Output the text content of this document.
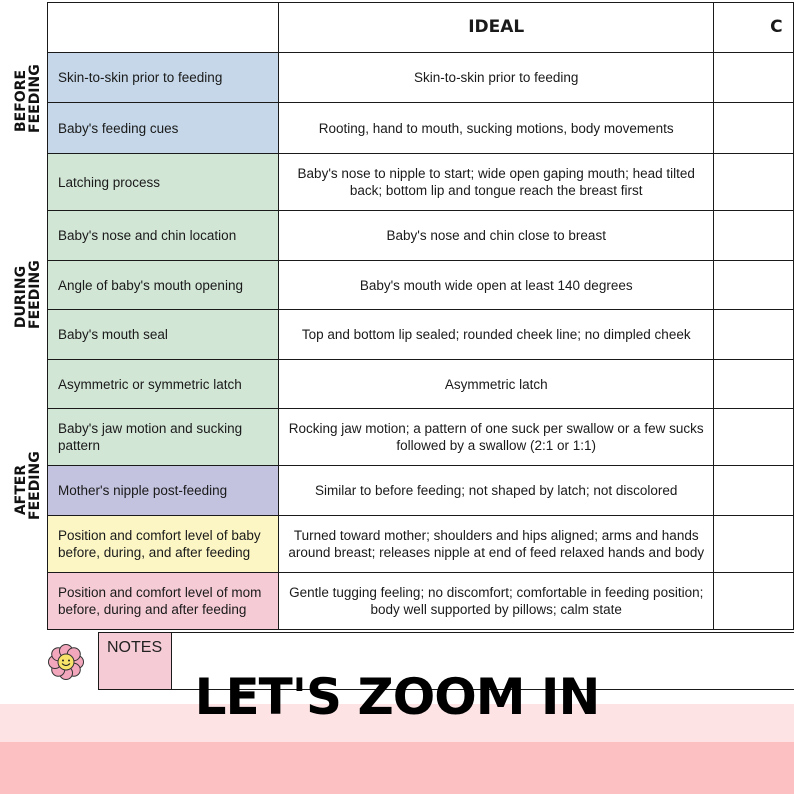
BEFORE FEEDING
DURING FEEDING
AFTER FEEDING
	IDEAL	C
Skin-to-skin prior to feeding	Skin-to-skin prior to feeding	
Baby's feeding cues	Rooting, hand to mouth, sucking motions, body movements	
Latching process	Baby's nose to nipple to start; wide open gaping mouth; head tilted back; bottom lip and tongue reach the breast first	
Baby's nose and chin location	Baby's nose and chin close to breast	
Angle of baby's mouth opening	Baby's mouth wide open at least 140 degrees	
Baby's mouth seal	Top and bottom lip sealed; rounded cheek line; no dimpled cheek	
Asymmetric or symmetric latch	Asymmetric latch	
Baby's jaw motion and sucking pattern	Rocking jaw motion; a pattern of one suck per swallow or a few sucks followed by a swallow (2:1 or 1:1)	
Mother's nipple post-feeding	Similar to before feeding; not shaped by latch; not discolored	
Position and comfort level of baby before, during, and after feeding	Turned toward mother; shoulders and hips aligned; arms and hands around breast; releases nipple at end of feed relaxed hands and body	
Position and comfort level of mom before, during and after feeding	Gentle tugging feeling; no discomfort; comfortable in feeding position; body well supported by pillows; calm state	
NOTES
LET'S ZOOM IN
